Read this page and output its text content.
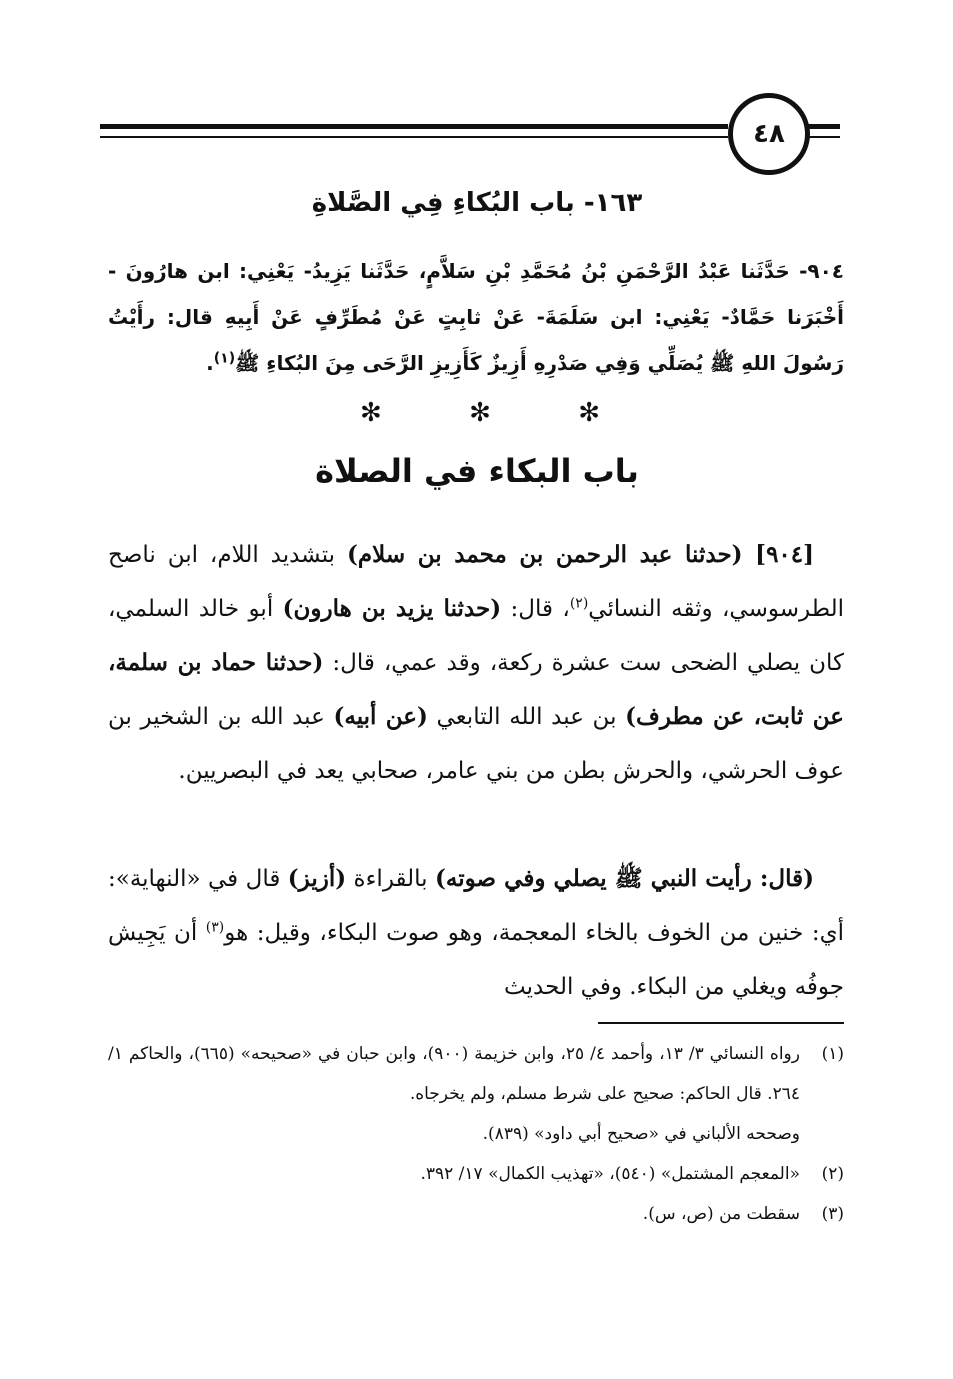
٤٨
١٦٣- باب البُكاءِ فِي الصَّلاةِ
٩٠٤- حَدَّثَنا عَبْدُ الرَّحْمَنِ بْنُ مُحَمَّدِ بْنِ سَلاَّمٍ، حَدَّثَنا يَزِيدُ- يَعْنِي: ابن هارُونَ - أَخْبَرَنا حَمَّادٌ- يَعْنِي: ابن سَلَمَةَ- عَنْ ثابِتٍ عَنْ مُطَرِّفٍ عَنْ أَبِيهِ قال: رأَيْتُ رَسُولَ اللهِ ﷺ يُصَلِّي وَفِي صَدْرِهِ أَزِيزٌ كَأَزِيزِ الرَّحَى مِنَ البُكاءِ ﷺ$^{(١)}$.
✻	✻	✻
باب البكاء في الصلاة

[٩٠٤] (حدثنا عبد الرحمن بن محمد بن سلام) بتشديد اللام، ابن ناصح الطرسوسي، وثقه النسائي$^{(٢)}$، قال: (حدثنا يزيد بن هارون) أبو خالد السلمي، كان يصلي الضحى ست عشرة ركعة، وقد عمي، قال: (حدثنا حماد بن سلمة، عن ثابت، عن مطرف) بن عبد الله التابعي (عن أبيه) عبد الله بن الشخير بن عوف الحرشي، والحرش بطن من بني عامر، صحابي يعد في البصريين.

(قال: رأيت النبي ﷺ يصلي وفي صوته) بالقراءة (أزيز) قال في «النهاية»: أي: خنين من الخوف بالخاء المعجمة، وهو صوت البكاء، وقيل: هو$^{(٣)}$ أن يَجِيش جوفُه ويغلي من البكاء. وفي الحديث

(١)
رواه النسائي ٣/ ١٣، وأحمد ٤/ ٢٥، وابن خزيمة (٩٠٠)، وابن حبان في «صحيحه» (٦٦٥)، والحاكم ١/ ٢٦٤. قال الحاكم: صحيح على شرط مسلم، ولم يخرجاه.
وصححه الألباني في «صحيح أبي داود» (٨٣٩).
(٢)
«المعجم المشتمل» (٥٤٠)، «تهذيب الكمال» ١٧/ ٣٩٢.
(٣)
سقطت من (ص، س).
